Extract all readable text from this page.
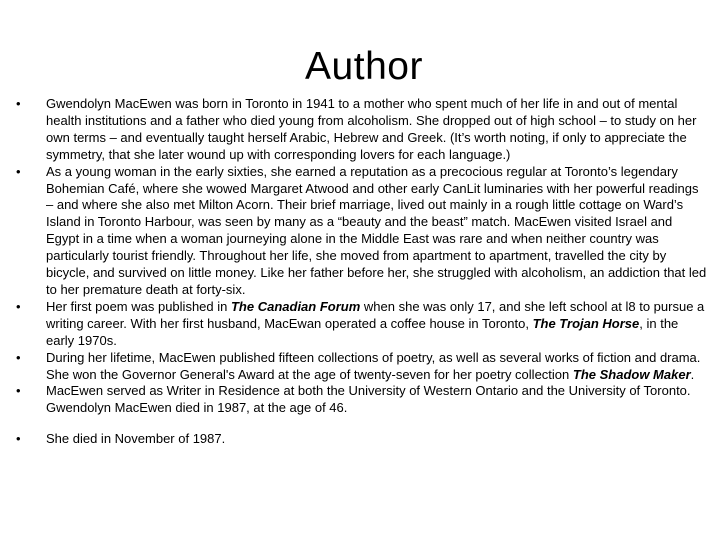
Author
•	Gwendolyn MacEwen was born in Toronto in 1941 to a mother who spent much of her life in and out of mental health institutions and a father who died young from alcoholism. She dropped out of high school – to study on her own terms – and eventually taught herself Arabic, Hebrew and Greek. (It’s worth noting, if only to appreciate the symmetry, that she later wound up with corresponding lovers for each language.)
•	As a young woman in the early sixties, she earned a reputation as a precocious regular at Toronto’s legendary Bohemian Café, where she wowed Margaret Atwood and other early CanLit luminaries with her powerful readings – and where she also met Milton Acorn. Their brief marriage, lived out mainly in a rough little cottage on Ward’s Island in Toronto Harbour, was seen by many as a “beauty and the beast” match. MacEwen visited Israel and Egypt in a time when a woman journeying alone in the Middle East was rare and when neither country was particularly tourist friendly. Throughout her life, she moved from apartment to apartment, travelled the city by bicycle, and survived on little money. Like her father before her, she struggled with alcoholism, an addiction that led to her premature death at forty-six.
•	Her first poem was published in The Canadian Forum when she was only 17, and she left school at l8 to pursue a writing career. With her first husband, MacEwan operated a coffee house in Toronto, The Trojan Horse, in the early 1970s.
•	During her lifetime, MacEwen published fifteen collections of poetry, as well as several works of fiction and drama. She won the Governor General's Award at the age of twenty-seven for her poetry collection The Shadow Maker.
•	MacEwen served as Writer in Residence at both the University of Western Ontario and the University of Toronto. Gwendolyn MacEwen died in 1987, at the age of 46.
•	She died in November of 1987.
